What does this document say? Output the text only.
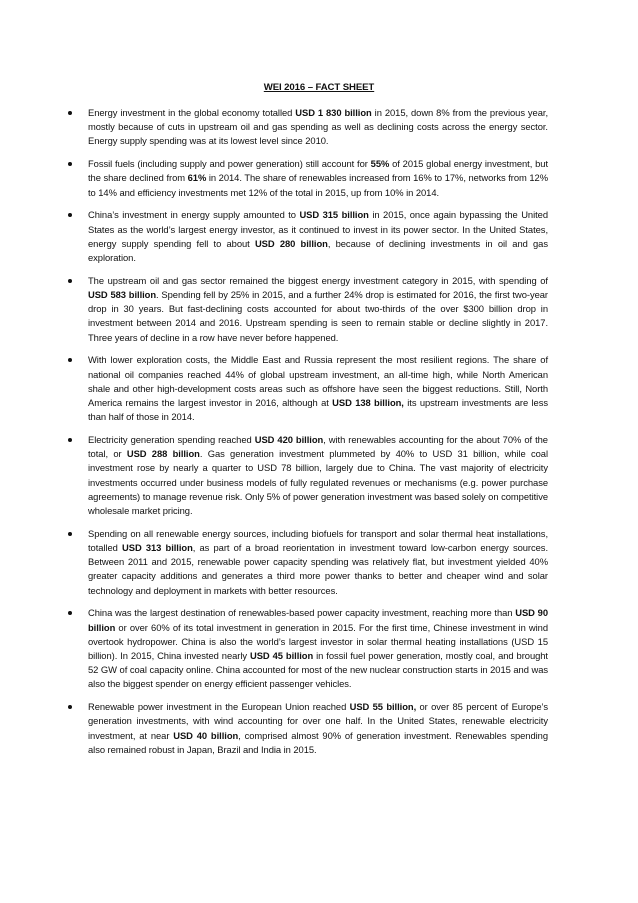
WEI 2016 – FACT SHEET
Energy investment in the global economy totalled USD 1 830 billion in 2015, down 8% from the previous year, mostly because of cuts in upstream oil and gas spending as well as declining costs across the energy sector. Energy supply spending was at its lowest level since 2010.
Fossil fuels (including supply and power generation) still account for 55% of 2015 global energy investment, but the share declined from 61% in 2014. The share of renewables increased from 16% to 17%, networks from 12% to 14% and efficiency investments met 12% of the total in 2015, up from 10% in 2014.
China’s investment in energy supply amounted to USD 315 billion in 2015, once again bypassing the United States as the world’s largest energy investor, as it continued to invest in its power sector. In the United States, energy supply spending fell to about USD 280 billion, because of declining investments in oil and gas exploration.
The upstream oil and gas sector remained the biggest energy investment category in 2015, with spending of USD 583 billion. Spending fell by 25% in 2015, and a further 24% drop is estimated for 2016, the first two-year drop in 30 years. But fast-declining costs accounted for about two-thirds of the over $300 billion drop in investment between 2014 and 2016. Upstream spending is seen to remain stable or decline slightly in 2017. Three years of decline in a row have never before happened.
With lower exploration costs, the Middle East and Russia represent the most resilient regions. The share of national oil companies reached 44% of global upstream investment, an all-time high, while North American shale and other high-development costs areas such as offshore have seen the biggest reductions. Still, North America remains the largest investor in 2016, although at USD 138 billion, its upstream investments are less than half of those in 2014.
Electricity generation spending reached USD 420 billion, with renewables accounting for the about 70% of the total, or USD 288 billion. Gas generation investment plummeted by 40% to USD 31 billion, while coal investment rose by nearly a quarter to USD 78 billion, largely due to China. The vast majority of electricity investments occurred under business models of fully regulated revenues or mechanisms (e.g. power purchase agreements) to manage revenue risk. Only 5% of power generation investment was based solely on competitive wholesale market pricing.
Spending on all renewable energy sources, including biofuels for transport and solar thermal heat installations, totalled USD 313 billion, as part of a broad reorientation in investment toward low-carbon energy sources. Between 2011 and 2015, renewable power capacity spending was relatively flat, but investment yielded 40% greater capacity additions and generates a third more power thanks to better and cheaper wind and solar technology and deployment in markets with better resources.
China was the largest destination of renewables-based power capacity investment, reaching more than USD 90 billion or over 60% of its total investment in generation in 2015. For the first time, Chinese investment in wind overtook hydropower. China is also the world’s largest investor in solar thermal heating installations (USD 15 billion). In 2015, China invested nearly USD 45 billion in fossil fuel power generation, mostly coal, and brought 52 GW of coal capacity online. China accounted for most of the new nuclear construction starts in 2015 and was also the biggest spender on energy efficient passenger vehicles.
Renewable power investment in the European Union reached USD 55 billion, or over 85 percent of Europe’s generation investments, with wind accounting for over one half. In the United States, renewable electricity investment, at near USD 40 billion, comprised almost 90% of generation investment. Renewables spending also remained robust in Japan, Brazil and India in 2015.
